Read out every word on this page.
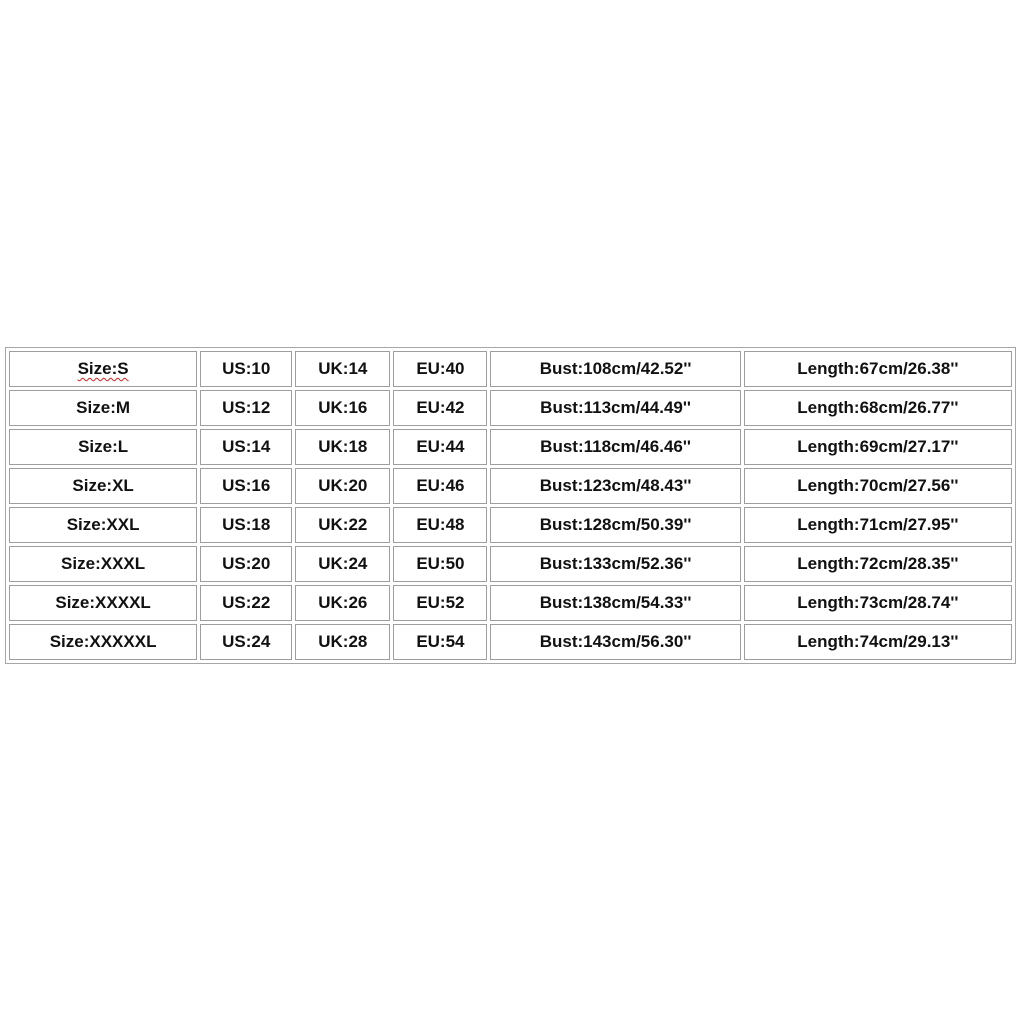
Size:S	US:10	UK:14	EU:40	Bust:108cm/42.52''	Length:67cm/26.38''
Size:M	US:12	UK:16	EU:42	Bust:113cm/44.49''	Length:68cm/26.77''
Size:L	US:14	UK:18	EU:44	Bust:118cm/46.46''	Length:69cm/27.17''
Size:XL	US:16	UK:20	EU:46	Bust:123cm/48.43''	Length:70cm/27.56''
Size:XXL	US:18	UK:22	EU:48	Bust:128cm/50.39''	Length:71cm/27.95''
Size:XXXL	US:20	UK:24	EU:50	Bust:133cm/52.36''	Length:72cm/28.35''
Size:XXXXL	US:22	UK:26	EU:52	Bust:138cm/54.33''	Length:73cm/28.74''
Size:XXXXXL	US:24	UK:28	EU:54	Bust:143cm/56.30''	Length:74cm/29.13''
